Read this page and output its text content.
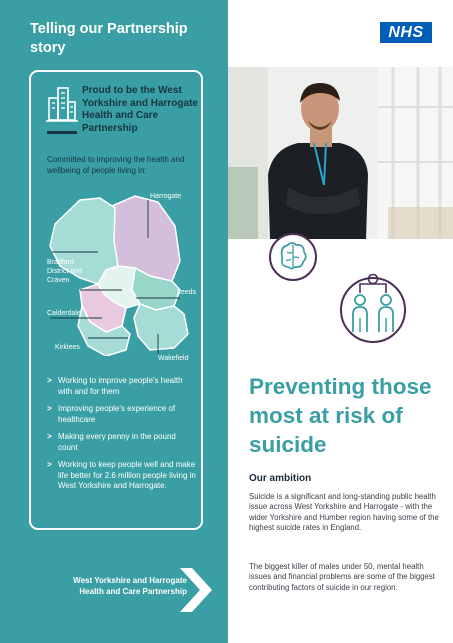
Telling our Partnership story
Proud to be the West Yorkshire and Harrogate Health and Care Partnership
Committed to improving the health and wellbeing of people living in:
Harrogate
Bradford District and Craven
Leeds
Calderdale
Kirklees
Wakefield
> Working to improve people's health with and for them
> Improving people's experience of healthcare
> Making every penny in the pound count
> Working to keep people well and make life better for 2.6 million people living in West Yorkshire and Harrogate.
West Yorkshire and Harrogate Health and Care Partnership
NHS
Preventing those most at risk of suicide
Our ambition
Suicide is a significant and long-standing public health issue across West Yorkshire and Harrogate - with the wider Yorkshire and Humber region having some of the highest suicide rates in England.
The biggest killer of males under 50, mental health issues and financial problems are some of the biggest contributing factors of suicide in our region.
